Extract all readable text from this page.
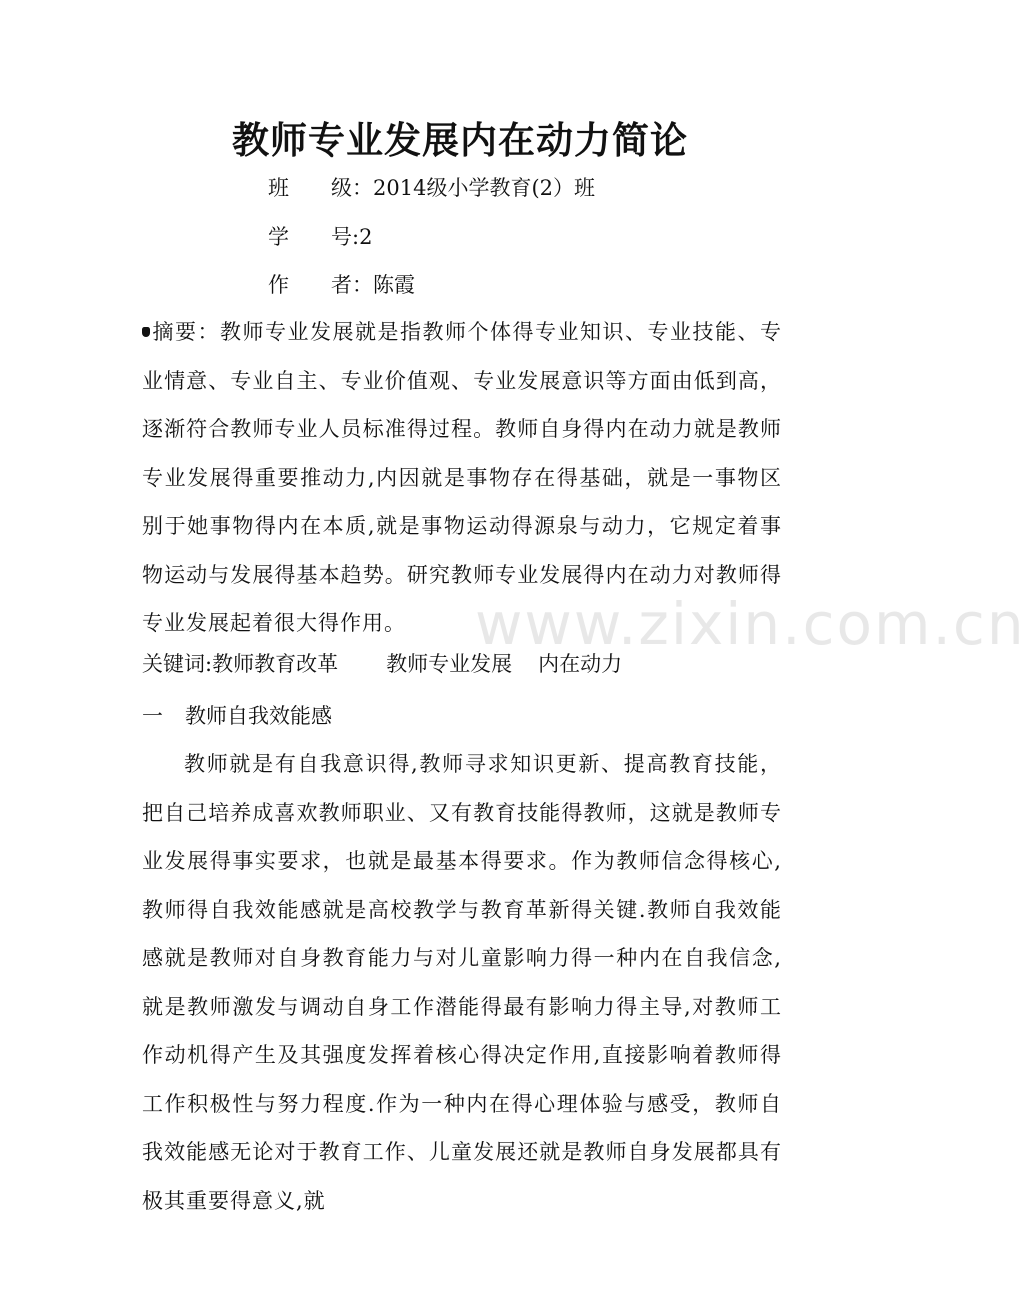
教师专业发展内在动力简论
班　　级：2014级小学教育(2）班
学　　号:2
作　　者：陈霞
摘要：教师专业发展就是指教师个体得专业知识、专业技能、专业情意、专业自主、专业价值观、专业发展意识等方面由低到高，逐渐符合教师专业人员标准得过程。教师自身得内在动力就是教师专业发展得重要推动力,内因就是事物存在得基础，就是一事物区别于她事物得内在本质,就是事物运动得源泉与动力，它规定着事物运动与发展得基本趋势。研究教师专业发展得内在动力对教师得专业发展起着很大得作用。
关键词:教师教育改革 教师专业发展 内在动力
一 教师自我效能感
教师就是有自我意识得,教师寻求知识更新、提高教育技能，把自己培养成喜欢教师职业、又有教育技能得教师，这就是教师专业发展得事实要求，也就是最基本得要求。作为教师信念得核心,教师得自我效能感就是高校教学与教育革新得关键.教师自我效能感就是教师对自身教育能力与对儿童影响力得一种内在自我信念,就是教师激发与调动自身工作潜能得最有影响力得主导,对教师工作动机得产生及其强度发挥着核心得决定作用,直接影响着教师得工作积极性与努力程度.作为一种内在得心理体验与感受，教师自我效能感无论对于教育工作、儿童发展还就是教师自身发展都具有极其重要得意义,就
www.zixin.com.cn
